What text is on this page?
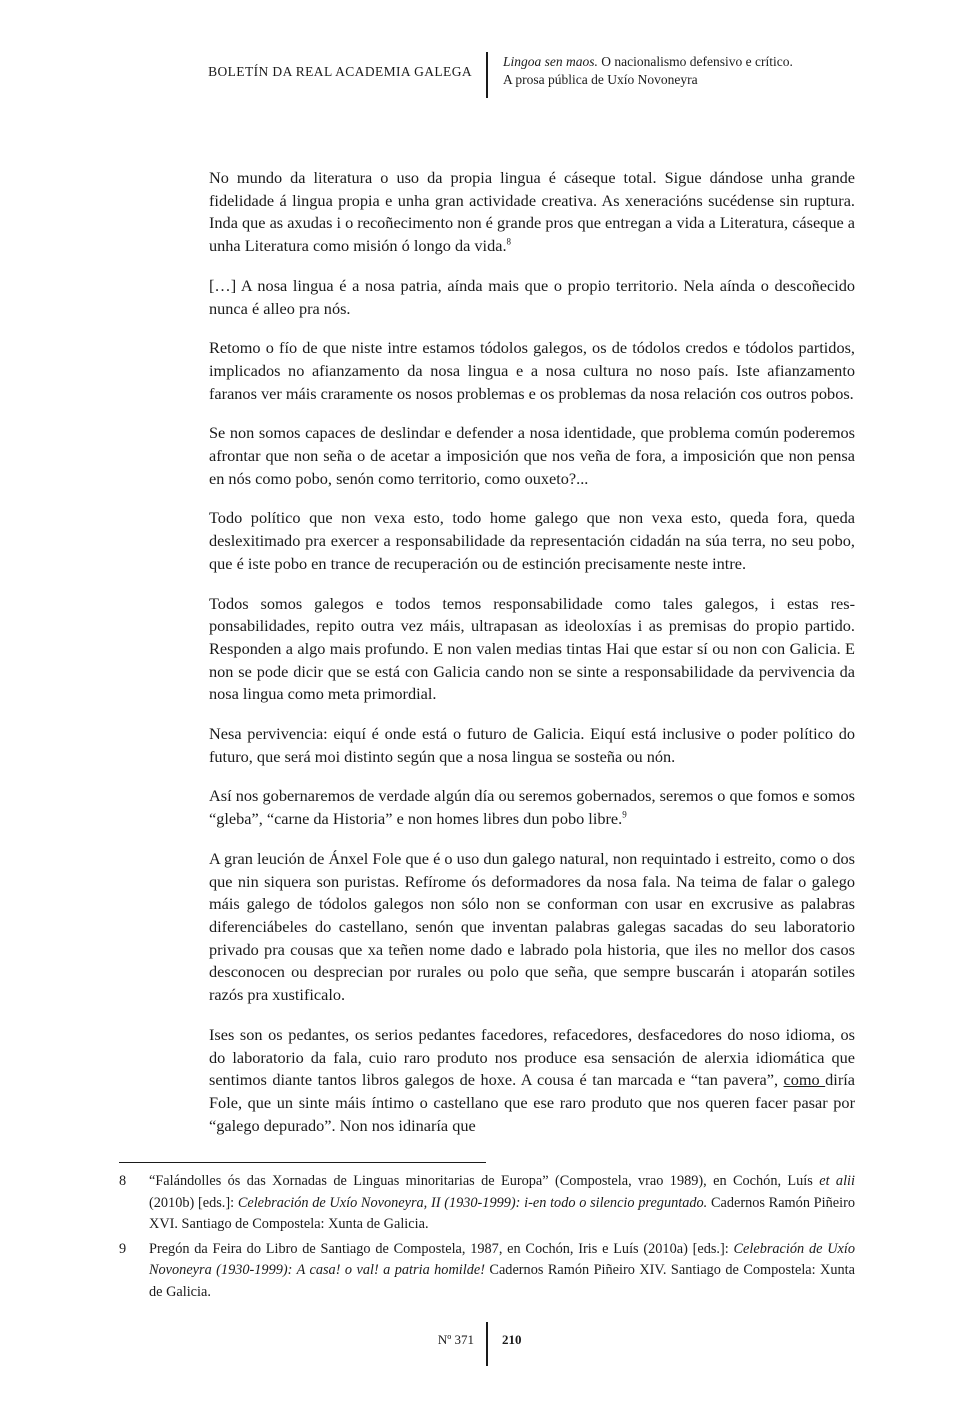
BOLETÍN DA REAL ACADEMIA GALEGA
Lingoa sen maos. O nacionalismo defensivo e crítico.
A prosa pública de Uxío Novoneyra

No mundo da literatura o uso da propia lingua é cáseque total. Sigue dándose unha grande fidelidade á lingua propia e unha gran actividade creativa. As xeneracións sucédense sin ruptura. Inda que as axudas i o recoñecimento non é grande pros que entregan a vida a Literatura, cáseque a unha Literatura como misión ó longo da vida.$^8$

[…] A nosa lingua é a nosa patria, aínda mais que o propio territorio. Nela aínda o descoñecido nunca é alleo pra nós.

Retomo o fío de que niste intre estamos tódolos galegos, os de tódolos credos e tódolos partidos, implicados no afianzamento da nosa lingua e a nosa cultura no noso país. Iste afianzamento faranos ver máis craramente os nosos problemas e os problemas da nosa relación cos outros pobos.

Se non somos capaces de deslindar e defender a nosa identidade, que problema común poderemos afrontar que non seña o de acetar a imposición que nos veña de fora, a imposición que non pensa en nós como pobo, senón como territorio, como ouxeto?...

Todo político que non vexa esto, todo home galego que non vexa esto, queda fora, queda deslexitimado pra exercer a responsabilidade da representación cidadán na súa terra, no seu pobo, que é iste pobo en trance de recuperación ou de estinción precisamente neste intre.

Todos somos galegos e todos temos responsabilidade como tales galegos, i estas responsabilidades, repito outra vez máis, ultrapasan as ideoloxías i as premisas do propio partido. Responden a algo mais profundo. E non valen medias tintas Hai que estar sí ou non con Galicia. E non se pode dicir que se está con Galicia cando non se sinte a responsabilidade da pervivencia da nosa lingua como meta primordial.

Nesa pervivencia: eiquí é onde está o futuro de Galicia. Eiquí está inclusive o poder político do futuro, que será moi distinto según que a nosa lingua se sosteña ou nón.

Así nos gobernaremos de verdade algún día ou seremos gobernados, seremos o que fomos e somos “gleba”, “carne da Historia” e non homes libres dun pobo libre.$^9$

A gran leución de Ánxel Fole que é o uso dun galego natural, non requintado i estreito, como o dos que nin siquera son puristas. Refírome ós deformadores da nosa fala. Na teima de falar o galego máis galego de tódolos galegos non sólo non se conforman con usar en excrusive as palabras diferenciábeles do castellano, senón que inventan palabras galegas sacadas do seu laboratorio privado pra cousas que xa teñen nome dado e labrado pola historia, que iles no mellor dos casos desconocen ou desprecian por rurales ou polo que seña, que sempre buscarán i atoparán sotiles razós pra xustificalo.

Ises son os pedantes, os serios pedantes facedores, refacedores, desfacedores do noso idioma, os do laboratorio da fala, cuio raro produto nos produce esa sensación de alerxia idiomática que sentimos diante tantos libros galegos de hoxe. A cousa é tan marcada e “tan pavera”, como diría Fole, que un sinte máis íntimo o castellano que ese raro produto que nos queren facer pasar por “galego depurado”. Non nos idinaría que

8	“Falándolles ós das Xornadas de Linguas minoritarias de Europa” (Compostela, vrao 1989), en Cochón, Luís et alii (2010b) [eds.]: Celebración de Uxío Novoneyra, II (1930-1999): i-en todo o silencio preguntado. Cadernos Ramón Piñeiro XVI. Santiago de Compostela: Xunta de Galicia.
9	Pregón da Feira do Libro de Santiago de Compostela, 1987, en Cochón, Iris e Luís (2010a) [eds.]: Celebración de Uxío Novoneyra (1930-1999): A casa! o val! a patria homilde! Cadernos Ramón Piñeiro XIV. Santiago de Compostela: Xunta de Galicia.
Nº 371 210
